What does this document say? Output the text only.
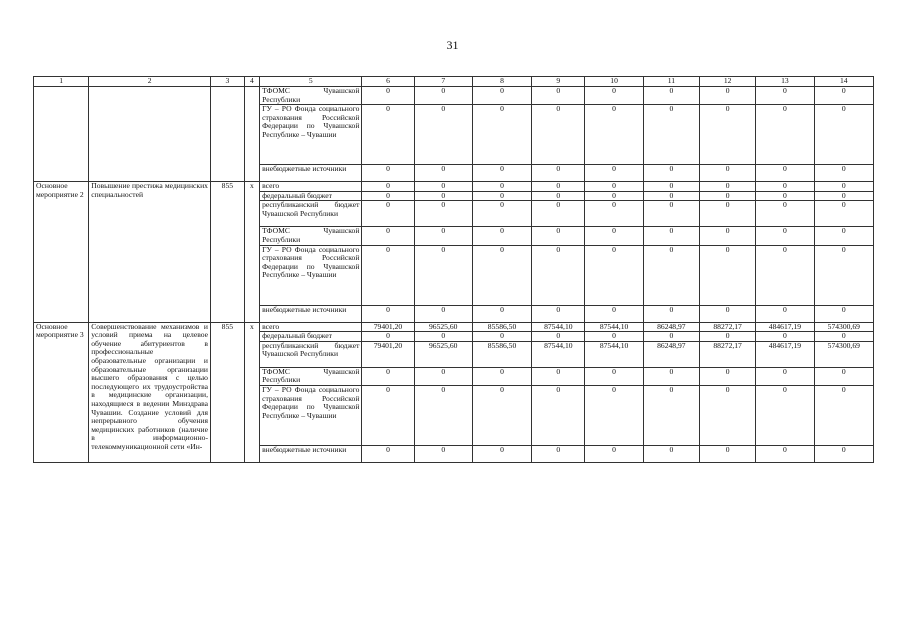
31
1	2	3	4	5	6	7	8	9	10	11	12	13	14
				ТФОМС Чувашской Республики	0	0	0	0	0	0	0	0	0
				ГУ – РО Фонда социального страхования Российской Федерации по Чувашской Республике – Чувашии	0	0	0	0	0	0	0	0	0
				внебюджетные источники	0	0	0	0	0	0	0	0	0
Основное мероприятие 2	Повышение престижа медицинских специальностей	855	x	всего	0	0	0	0	0	0	0	0	0
				федеральный бюджет	0	0	0	0	0	0	0	0	0
				республиканский бюджет Чувашской Республики	0	0	0	0	0	0	0	0	0
				ТФОМС Чувашской Республики	0	0	0	0	0	0	0	0	0
				ГУ – РО Фонда социального страхования Российской Федерации по Чувашской Республике – Чувашии	0	0	0	0	0	0	0	0	0
				внебюджетные источники	0	0	0	0	0	0	0	0	0
Основное мероприятие 3	Совершенствование механизмов и условий приема на целевое обучение абитуриентов в профессиональные образовательные организации и образовательные организации высшего образования с целью последующего их трудоустройства в медицинские организации, находящиеся в ведении Минздрава Чувашии. Создание условий для непрерывного обучения медицинских работников (наличие в информационно-телекоммуникационной сети «Ин-	855	x	всего	79401,20	96525,60	85586,50	87544,10	87544,10	86248,97	88272,17	484617,19	574300,69
				федеральный бюджет	0	0	0	0	0	0	0	0	0
				республиканский бюджет Чувашской Республики	79401,20	96525,60	85586,50	87544,10	87544,10	86248,97	88272,17	484617,19	574300,69
				ТФОМС Чувашской Республики	0	0	0	0	0	0	0	0	0
				ГУ – РО Фонда социального страхования Российской Федерации по Чувашской Республике – Чувашии	0	0	0	0	0	0	0	0	0
				внебюджетные источники	0	0	0	0	0	0	0	0	0
